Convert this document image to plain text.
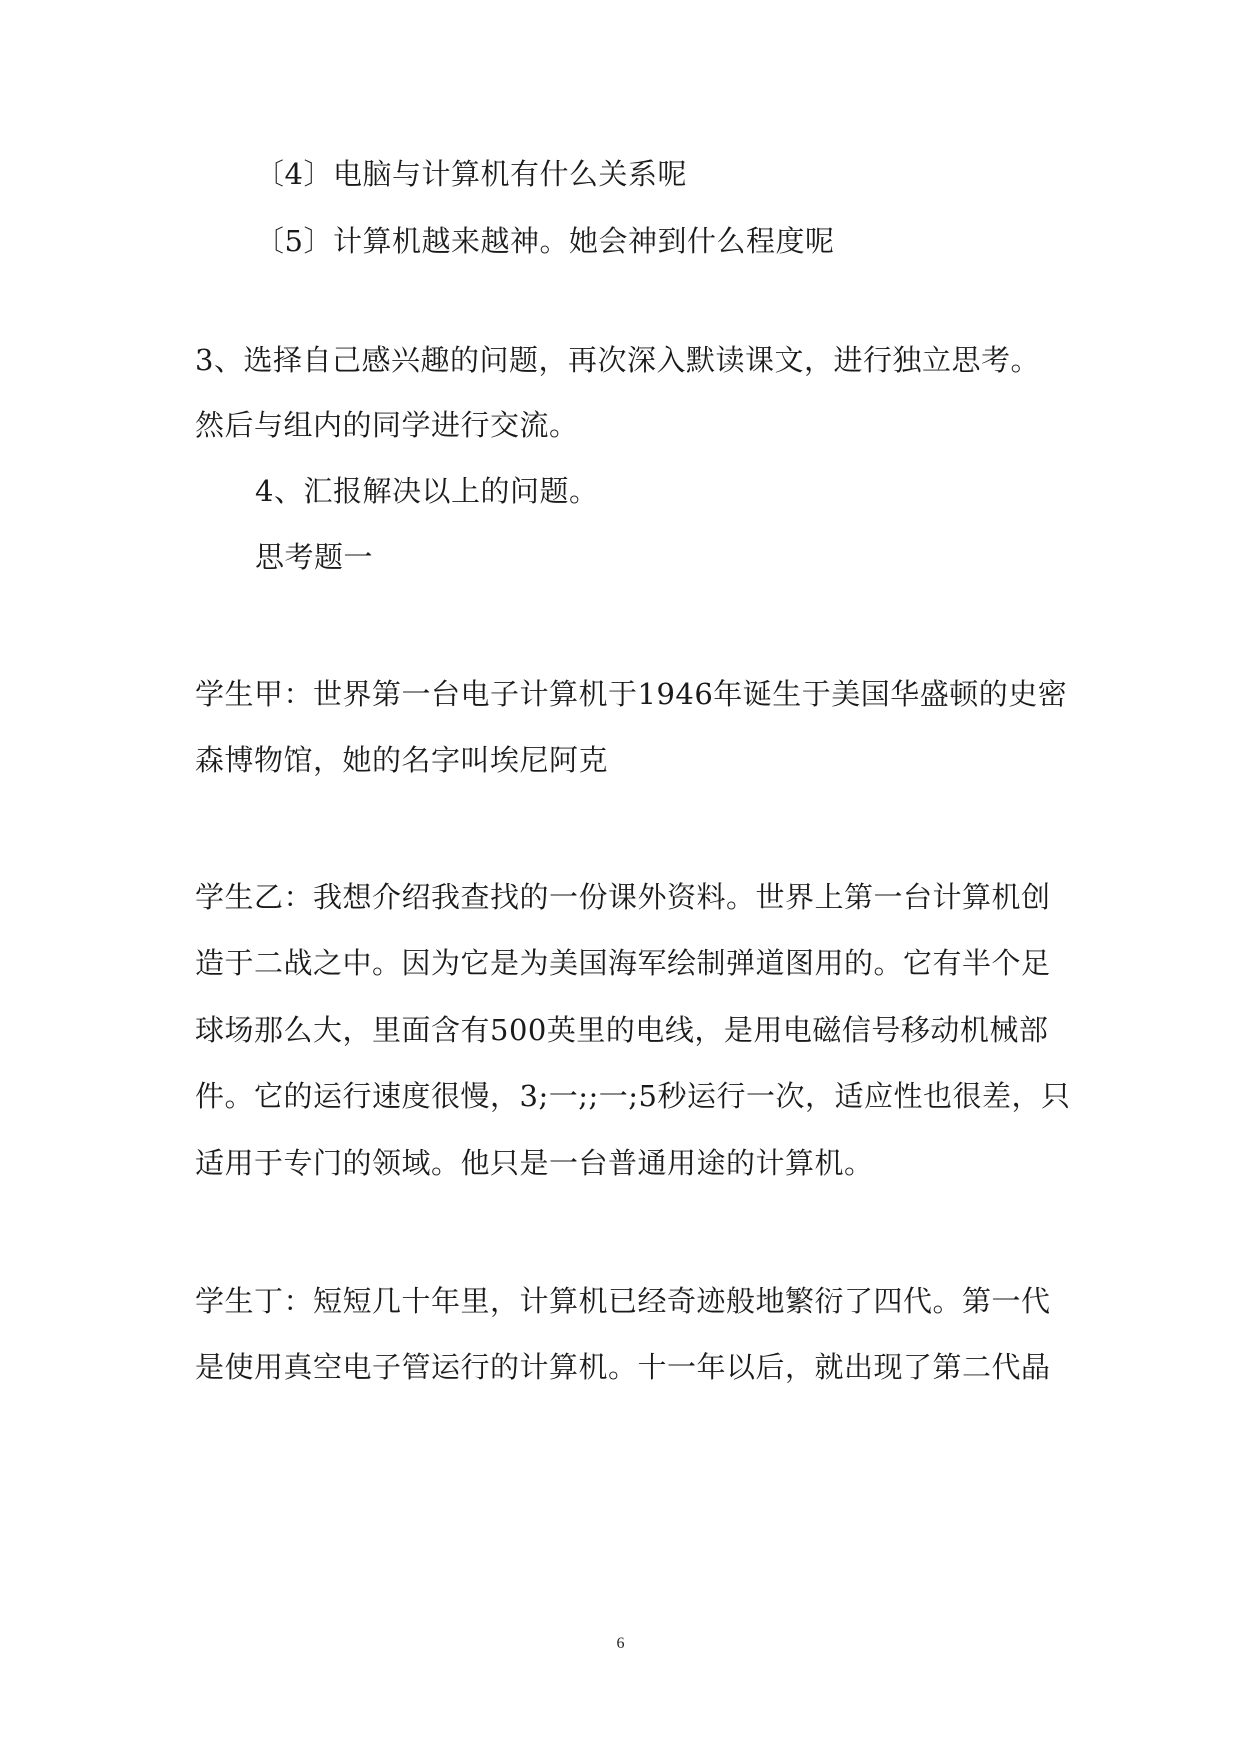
〔4〕电脑与计算机有什么关系呢
〔5〕计算机越来越神。她会神到什么程度呢
3、选择自己感兴趣的问题，再次深入默读课文，进行独立思考。
然后与组内的同学进行交流。
4、汇报解决以上的问题。
思考题一
学生甲：世界第一台电子计算机于1946年诞生于美国华盛顿的史密
森博物馆，她的名字叫埃尼阿克
学生乙：我想介绍我查找的一份课外资料。世界上第一台计算机创
造于二战之中。因为它是为美国海军绘制弹道图用的。它有半个足
球场那么大，里面含有500英里的电线，是用电磁信号移动机械部
件。它的运行速度很慢，3;一;;一;5秒运行一次，适应性也很差，只
适用于专门的领域。他只是一台普通用途的计算机。
学生丁：短短几十年里，计算机已经奇迹般地繁衍了四代。第一代
是使用真空电子管运行的计算机。十一年以后，就出现了第二代晶
6
